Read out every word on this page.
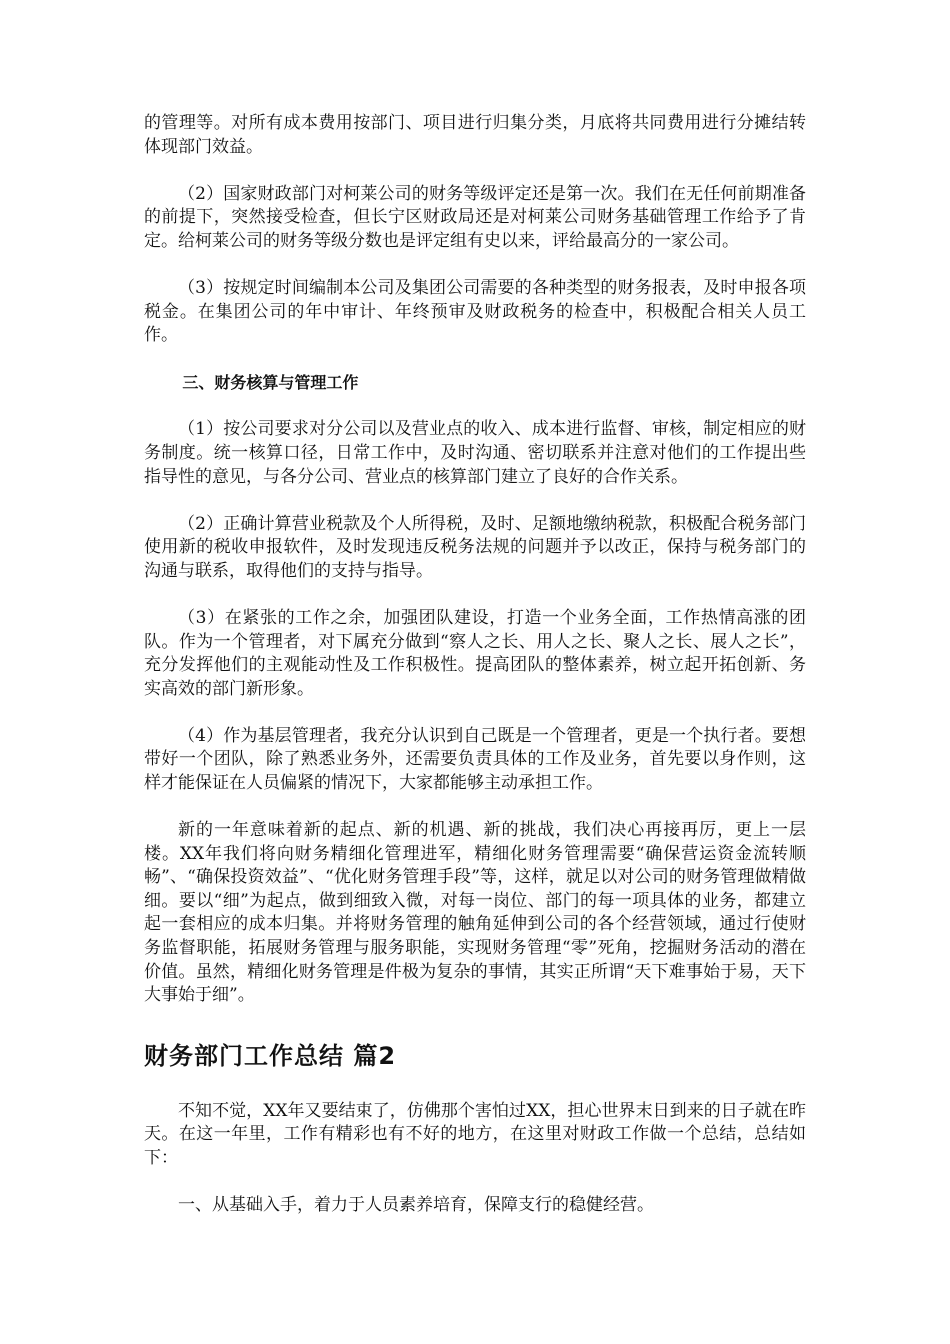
的管理等。对所有成本费用按部门、项目进行归集分类，月底将共同费用进行分摊结转体现部门效益。

（2）国家财政部门对柯莱公司的财务等级评定还是第一次。我们在无任何前期准备的前提下，突然接受检查，但长宁区财政局还是对柯莱公司财务基础管理工作给予了肯定。给柯莱公司的财务等级分数也是评定组有史以来，评给最高分的一家公司。

（3）按规定时间编制本公司及集团公司需要的各种类型的财务报表，及时申报各项税金。在集团公司的年中审计、年终预审及财政税务的检查中，积极配合相关人员工作。

三、财务核算与管理工作

（1）按公司要求对分公司以及营业点的收入、成本进行监督、审核，制定相应的财务制度。统一核算口径，日常工作中，及时沟通、密切联系并注意对他们的工作提出些指导性的意见，与各分公司、营业点的核算部门建立了良好的合作关系。

（2）正确计算营业税款及个人所得税，及时、足额地缴纳税款，积极配合税务部门使用新的税收申报软件，及时发现违反税务法规的问题并予以改正，保持与税务部门的沟通与联系，取得他们的支持与指导。

（3）在紧张的工作之余，加强团队建设，打造一个业务全面，工作热情高涨的团队。作为一个管理者，对下属充分做到“察人之长、用人之长、聚人之长、展人之长”，充分发挥他们的主观能动性及工作积极性。提高团队的整体素养，树立起开拓创新、务实高效的部门新形象。

（4）作为基层管理者，我充分认识到自己既是一个管理者，更是一个执行者。要想带好一个团队，除了熟悉业务外，还需要负责具体的工作及业务，首先要以身作则，这样才能保证在人员偏紧的情况下，大家都能够主动承担工作。

新的一年意味着新的起点、新的机遇、新的挑战，我们决心再接再厉，更上一层楼。XX年我们将向财务精细化管理进军，精细化财务管理需要“确保营运资金流转顺畅”、“确保投资效益”、“优化财务管理手段”等，这样，就足以对公司的财务管理做精做细。要以“细”为起点，做到细致入微，对每一岗位、部门的每一项具体的业务，都建立起一套相应的成本归集。并将财务管理的触角延伸到公司的各个经营领域，通过行使财务监督职能，拓展财务管理与服务职能，实现财务管理“零”死角，挖掘财务活动的潜在价值。虽然，精细化财务管理是件极为复杂的事情，其实正所谓“天下难事始于易，天下大事始于细”。

财务部门工作总结 篇2

不知不觉，XX年又要结束了，仿佛那个害怕过XX，担心世界末日到来的日子就在昨天。在这一年里，工作有精彩也有不好的地方，在这里对财政工作做一个总结，总结如下：

一、从基础入手，着力于人员素养培育，保障支行的稳健经营。
